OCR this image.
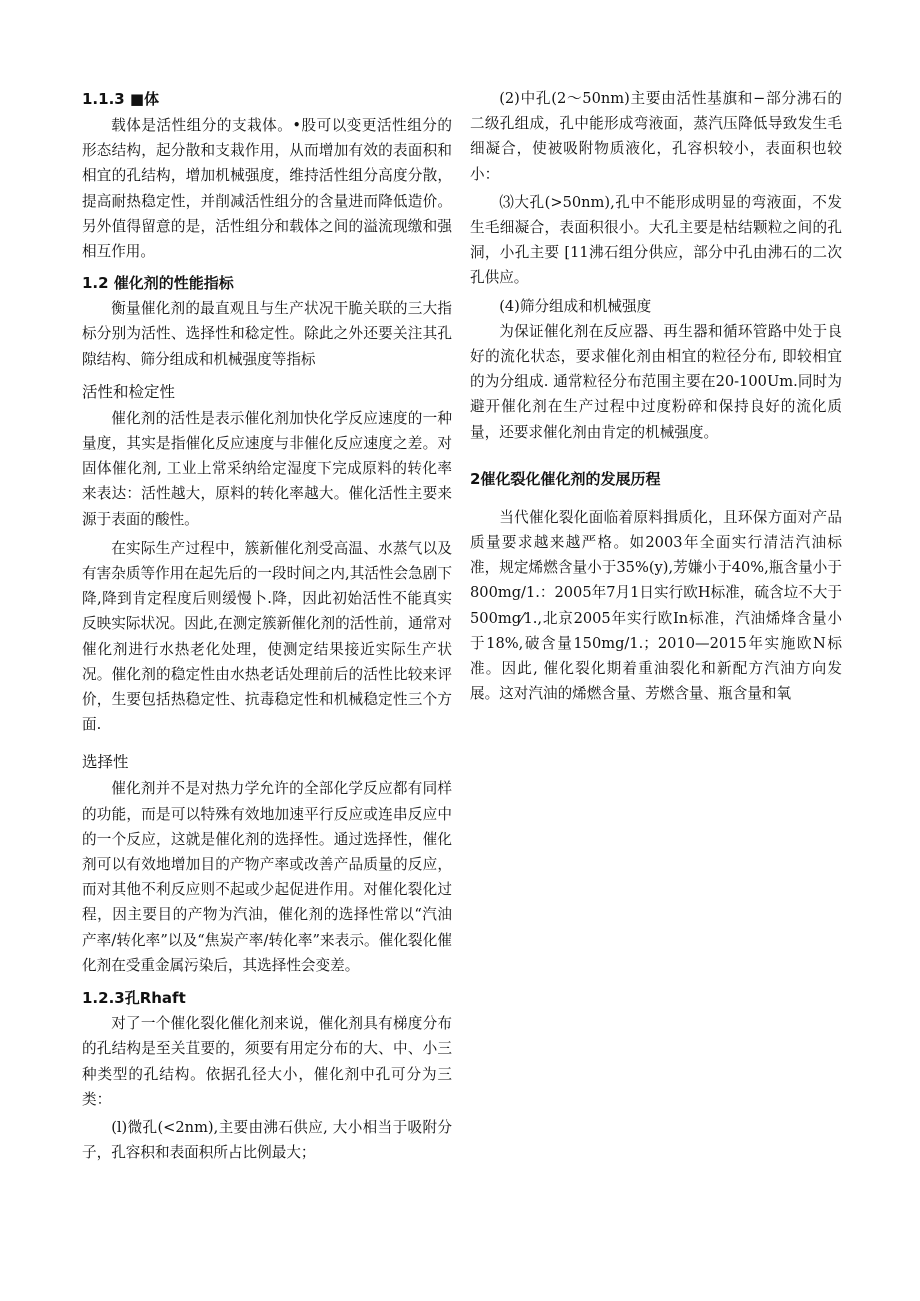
1.1.3 ■体

载体是活性组分的支栽体。•股可以变更活性组分的形态结构，起分散和支栽作用，从而增加有效的表面积和相宜的孔结构，增加机械强度，维持活性组分高度分散，提高耐热稳定性，并削减活性组分的含量进而降低造价。另外值得留意的是，活性组分和载体之间的溢流现缴和强相互作用。

1.2 催化剂的性能指标

衡量催化剂的最直观且与生产状况干脆关联的三大指标分别为活性、选择性和稔定性。除此之外还要关注其孔隙结构、筛分组成和机械强度等指标

活性和检定性

催化剂的活性是表示催化剂加快化学反应速度的一种量度，其实是指催化反应速度与非催化反应速度之差。对固体催化剂, 工业上常采纳给定湿度下完成原料的转化率来表达：活性越大，原料的转化率越大。催化活性主要来源于表面的酸性。

在实际生产过程中，簇新催化剂受高温、水蒸气以及有害杂质等作用在起先后的一段时间之内,其活性会急剧下降,降到肯定程度后则缓慢卜.降，因此初始活性不能真实反映实际状况。因此,在测定簇新催化剂的活性前，通常对催化剂进行水热老化处理，使测定结果接近实际生产状况。催化剂的稳定性由水热老话处理前后的活性比较来评价，生要包括热稳定性、抗毒稳定性和机械稳定性三个方面.

选择性

催化剂并不是对热力学允许的全部化学反应都有同样的功能，而是可以特殊有效地加速平行反应或连串反应中的一个反应，这就是催化剂的选择性。通过选择性，催化剂可以有效地增加目的产物产率或改善产品质量的反应，而对其他不利反应则不起或少起促进作用。对催化裂化过程，因主要目的产物为汽油，催化剂的选择性常以“汽油产率/转化率”以及“焦炭产率/转化率”来表示。催化裂化催化剂在受重金属污染后，其选择性会变差。

1.2.3孔Rhaft

对了一个催化裂化催化剂来说，催化剂具有梯度分布的孔结构是至关苴要的，须要有用定分布的大、中、小三种类型的孔结构。依据孔径大小，催化剂中孔可分为三类：

(l)微孔(<2nm),主要由沸石供应, 大小相当于吸附分子，孔容积和表面积所占比例最大；

(2)中孔(2〜50nm)主要由活性基旗和−部分沸石的二级孔组成，孔中能形成弯液面，蒸汽压降低导致发生毛细凝合，使被吸附物质液化，孔容枳较小，表面积也较小：

⑶大孔(>50nm),孔中不能形成明显的弯液面，不发生毛细凝合，表面积很小。大孔主要是枯结颗粒之间的孔洞，小孔主要 [11沸石组分供应，部分中孔由沸石的二次孔供应。

(4)筛分组成和机械强度

为保证催化剂在反应器、再生器和循环管路中处于良好的流化状态，要求催化剂由相宜的粒径分布, 即较相宜的为分组成. 通常粒径分布范围主要在20-100Um.同时为避开催化剂在生产过程中过度粉碎和保持良好的流化质量，还要求催化剂由肯定的机械强度。

2催化裂化催化剂的发展历程

当代催化裂化面临着原料揖质化，且环保方面对产品质量要求越来越严格。如2003年全面实行清洁汽油标准，规定烯燃含量小于35%(y),芳嫌小于40%,瓶含量小于800mg/1.：2005年7月1日实行欧H标准，硫含垃不大于500mg⁄1.,北京2005年实行欧In标准，汽油烯烽含量小于18%,破含量150mg/1.；2010—2015年实施欧N标准。因此, 催化裂化期着重油裂化和新配方汽油方向发展。这对汽油的烯燃含量、芳燃含量、瓶含量和氧
